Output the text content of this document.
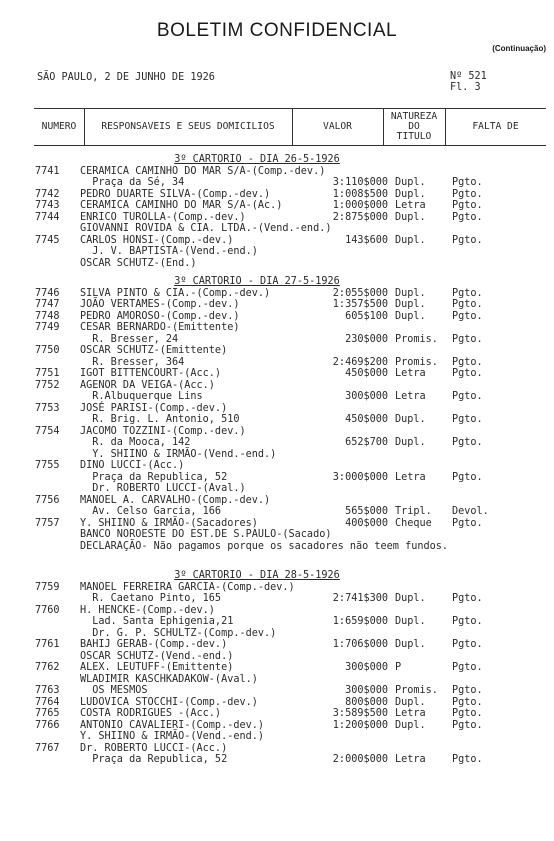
BOLETIM CONFIDENCIAL
(Continuação)
SÃO PAULO, 2 DE JUNHO DE 1926	Nº 521
Fl. 3
NUMERO	RESPONSAVEIS E SEUS DOMICILIOS	VALOR
NATUREZA
DO
TITULO
FALTA DE
3º CARTORIO - DIA 26-5-1926
7741 CERAMICA CAMINHO DO MAR S/A-(Comp.-dev.)
Praça da Sé, 34	3:110$000 Dupl.	Pgto.
7742 PEDRO DUARTE SILVA-(Comp.-dev.)	1:008$500 Dupl.	Pgto.
7743 CERAMICA CAMINHO DO MAR S/A-(Ac.)	1:000$000 Letra	Pgto.
7744 ENRICO TUROLLA-(Comp.-dev.)	2:875$000 Dupl.	Pgto.
GIOVANNI ROVIDA & CIA. LTDA.-(Vend.-end.)
7745 CARLOS HONSI-(Comp.-dev.)	143$600 Dupl.	Pgto.
J. V. BAPTISTA-(Vend.-end.)
OSCAR SCHUTZ-(End.)
3º CARTORIO - DIA 27-5-1926
7746 SILVA PINTO & CIA.-(Comp.-dev.)	2:055$000 Dupl.	Pgto.
7747 JOÃO VERTAMES-(Comp.-dev.)	1:357$500 Dupl.	Pgto.
7748 PEDRO AMOROSO-(Comp.-dev.)	605$100 Dupl.	Pgto.
7749 CESAR BERNARDO-(Emittente)
R. Bresser, 24	230$000 Promis. Pgto.
7750 OSCAR SCHUTZ-(Emittente)
R. Bresser, 364	2:469$200 Promis. Pgto.
7751 IGOT BITTENCOURT-(Acc.)	450$000 Letra	Pgto.
7752 AGENOR DA VEIGA-(Acc.)
R.Albuquerque Lins	300$000 Letra	Pgto.
7753 JOSÉ PARISI-(Comp.-dev.)
R. Brig. L. Antonio, 510	450$000 Dupl.	Pgto.
7754 JACOMO TOZZINI-(Comp.-dev.)
R. da Mooca, 142	652$700 Dupl.	Pgto.
Y. SHIINO & IRMÃO-(Vend.-end.)
7755 DINO LUCCI-(Acc.)
Praça da Republica, 52	3:000$000 Letra	Pgto.
Dr. ROBERTO LUCCI-(Aval.)
7756 MANOEL A. CARVALHO-(Comp.-dev.)
Av. Celso Garcia, 166	565$000 Tripl. Devol.
7757 Y. SHIINO & IRMÃO-(Sacadores)	400$000 Cheque Pgto.
BANCO NOROESTE DO EST.DE S.PAULO-(Sacado)
DECLARAÇÃO- Não pagamos porque os sacadores não teem fundos.
3º CARTORIO - DIA 28-5-1926
7759 MANOEL FERREIRA GARCIA-(Comp.-dev.)
R. Caetano Pinto, 165	2:741$300 Dupl.	Pgto.
7760 H. HENCKE-(Comp.-dev.)
Lad. Santa Ephigenia,21	1:659$000 Dupl.	Pgto.
Dr. G. P. SCHULTZ-(Comp.-dev.)
7761 BAHIJ GERAB-(Comp.-dev.)	1:706$000 Dupl.	Pgto.
OSCAR SCHUTZ-(Vend.-end.)
7762 ALEX. LEUTUFF-(Emittente)	300$000 P	Pgto.
WLADIMIR KASCHKADAKOW-(Aval.)
7763 OS MESMOS	300$000 Promis. Pgto.
7764 LUDOVICA STOCCHI-(Comp.-dev.)	800$000 Dupl.	Pgto.
7765 COSTA RODRIGUES -(Acc.)	3:589$500 Letra	Pgto.
7766 ANTONIO CAVALIERI-(Comp.-dev.)	1:200$000 Dupl.	Pgto.
Y. SHIINO & IRMÃO-(Vend.-end.)
7767 Dr. ROBERTO LUCCI-(Acc.)
Praça da Republica, 52	2:000$000 Letra	Pgto.
